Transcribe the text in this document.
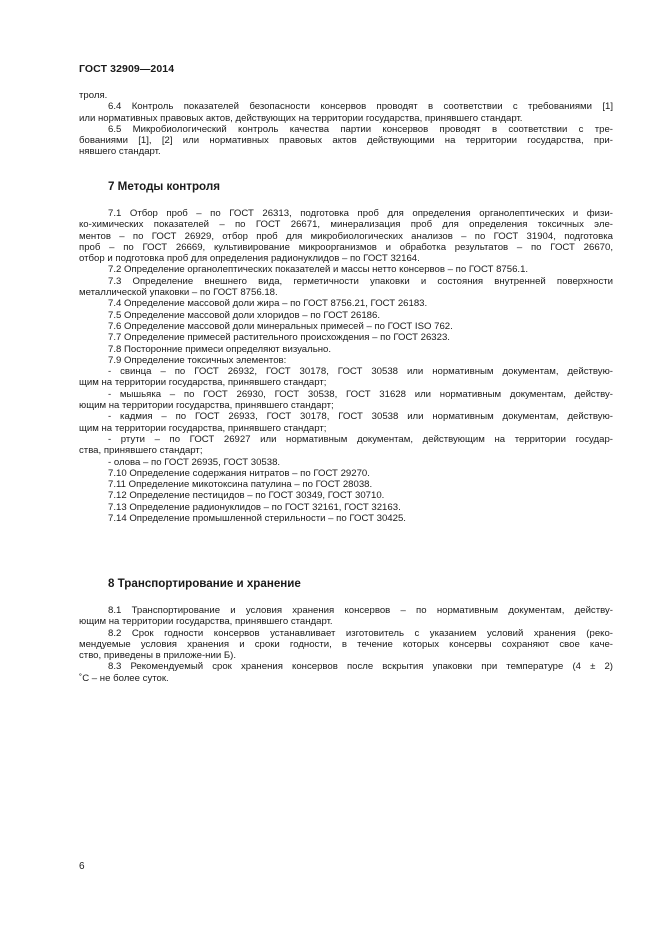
ГОСТ 32909—2014
троля.
6.4 Контроль показателей безопасности консервов проводят в соответствии с требованиями [1]
или нормативных правовых актов, действующих на территории государства, принявшего стандарт.
6.5 Микробиологический контроль качества партии консервов проводят в соответствии с тре-
бованиями [1], [2] или нормативных правовых актов действующими на территории государства, при-
нявшего стандарт.
7 Методы контроля
7.1 Отбор проб – по ГОСТ 26313, подготовка проб для определения органолептических и физи-
ко-химических показателей – по ГОСТ 26671, минерализация проб для определения токсичных эле-
ментов – по ГОСТ 26929, отбор проб для микробиологических анализов – по ГОСТ 31904, подготовка
проб – по ГОСТ 26669, культивирование микроорганизмов и обработка результатов – по ГОСТ 26670,
отбор и подготовка проб для определения радионуклидов – по ГОСТ 32164.
7.2 Определение органолептических показателей и массы нетто консервов – по ГОСТ 8756.1.
7.3 Определение внешнего вида, герметичности упаковки и состояния внутренней поверхности
металлической упаковки – по ГОСТ 8756.18.
7.4 Определение массовой доли жира – по ГОСТ 8756.21, ГОСТ 26183.
7.5 Определение массовой доли хлоридов – по ГОСТ 26186.
7.6 Определение массовой доли минеральных примесей – по ГОСТ ISO 762.
7.7 Определение примесей растительного происхождения – по ГОСТ 26323.
7.8 Посторонние примеси определяют визуально.
7.9 Определение токсичных элементов:
- свинца – по ГОСТ 26932, ГОСТ 30178, ГОСТ 30538 или нормативным документам, действую-
щим на территории государства, принявшего стандарт;
- мышьяка – по ГОСТ 26930, ГОСТ 30538, ГОСТ 31628 или нормативным документам, действу-
ющим на территории государства, принявшего стандарт;
- кадмия – по ГОСТ 26933, ГОСТ 30178, ГОСТ 30538 или нормативным документам, действую-
щим на территории государства, принявшего стандарт;
- ртути – по ГОСТ 26927 или нормативным документам, действующим на территории государ-
ства, принявшего стандарт;
- олова – по ГОСТ 26935, ГОСТ 30538.
7.10 Определение содержания нитратов – по ГОСТ 29270.
7.11 Определение микотоксина патулина – по ГОСТ 28038.
7.12 Определение пестицидов – по ГОСТ 30349, ГОСТ 30710.
7.13 Определение радионуклидов – по ГОСТ 32161, ГОСТ 32163.
7.14 Определение промышленной стерильности – по ГОСТ 30425.
8 Транспортирование и хранение
8.1 Транспортирование и условия хранения консервов – по нормативным документам, действу-
ющим на территории государства, принявшего стандарт.
8.2 Срок годности консервов устанавливает изготовитель с указанием условий хранения (реко-
мендуемые условия хранения и сроки годности, в течение которых консервы сохраняют свое каче-
ство, приведены в приложе-нии Б).
8.3 Рекомендуемый срок хранения консервов после вскрытия упаковки при температуре (4 ± 2)
˚С – не более суток.
6
